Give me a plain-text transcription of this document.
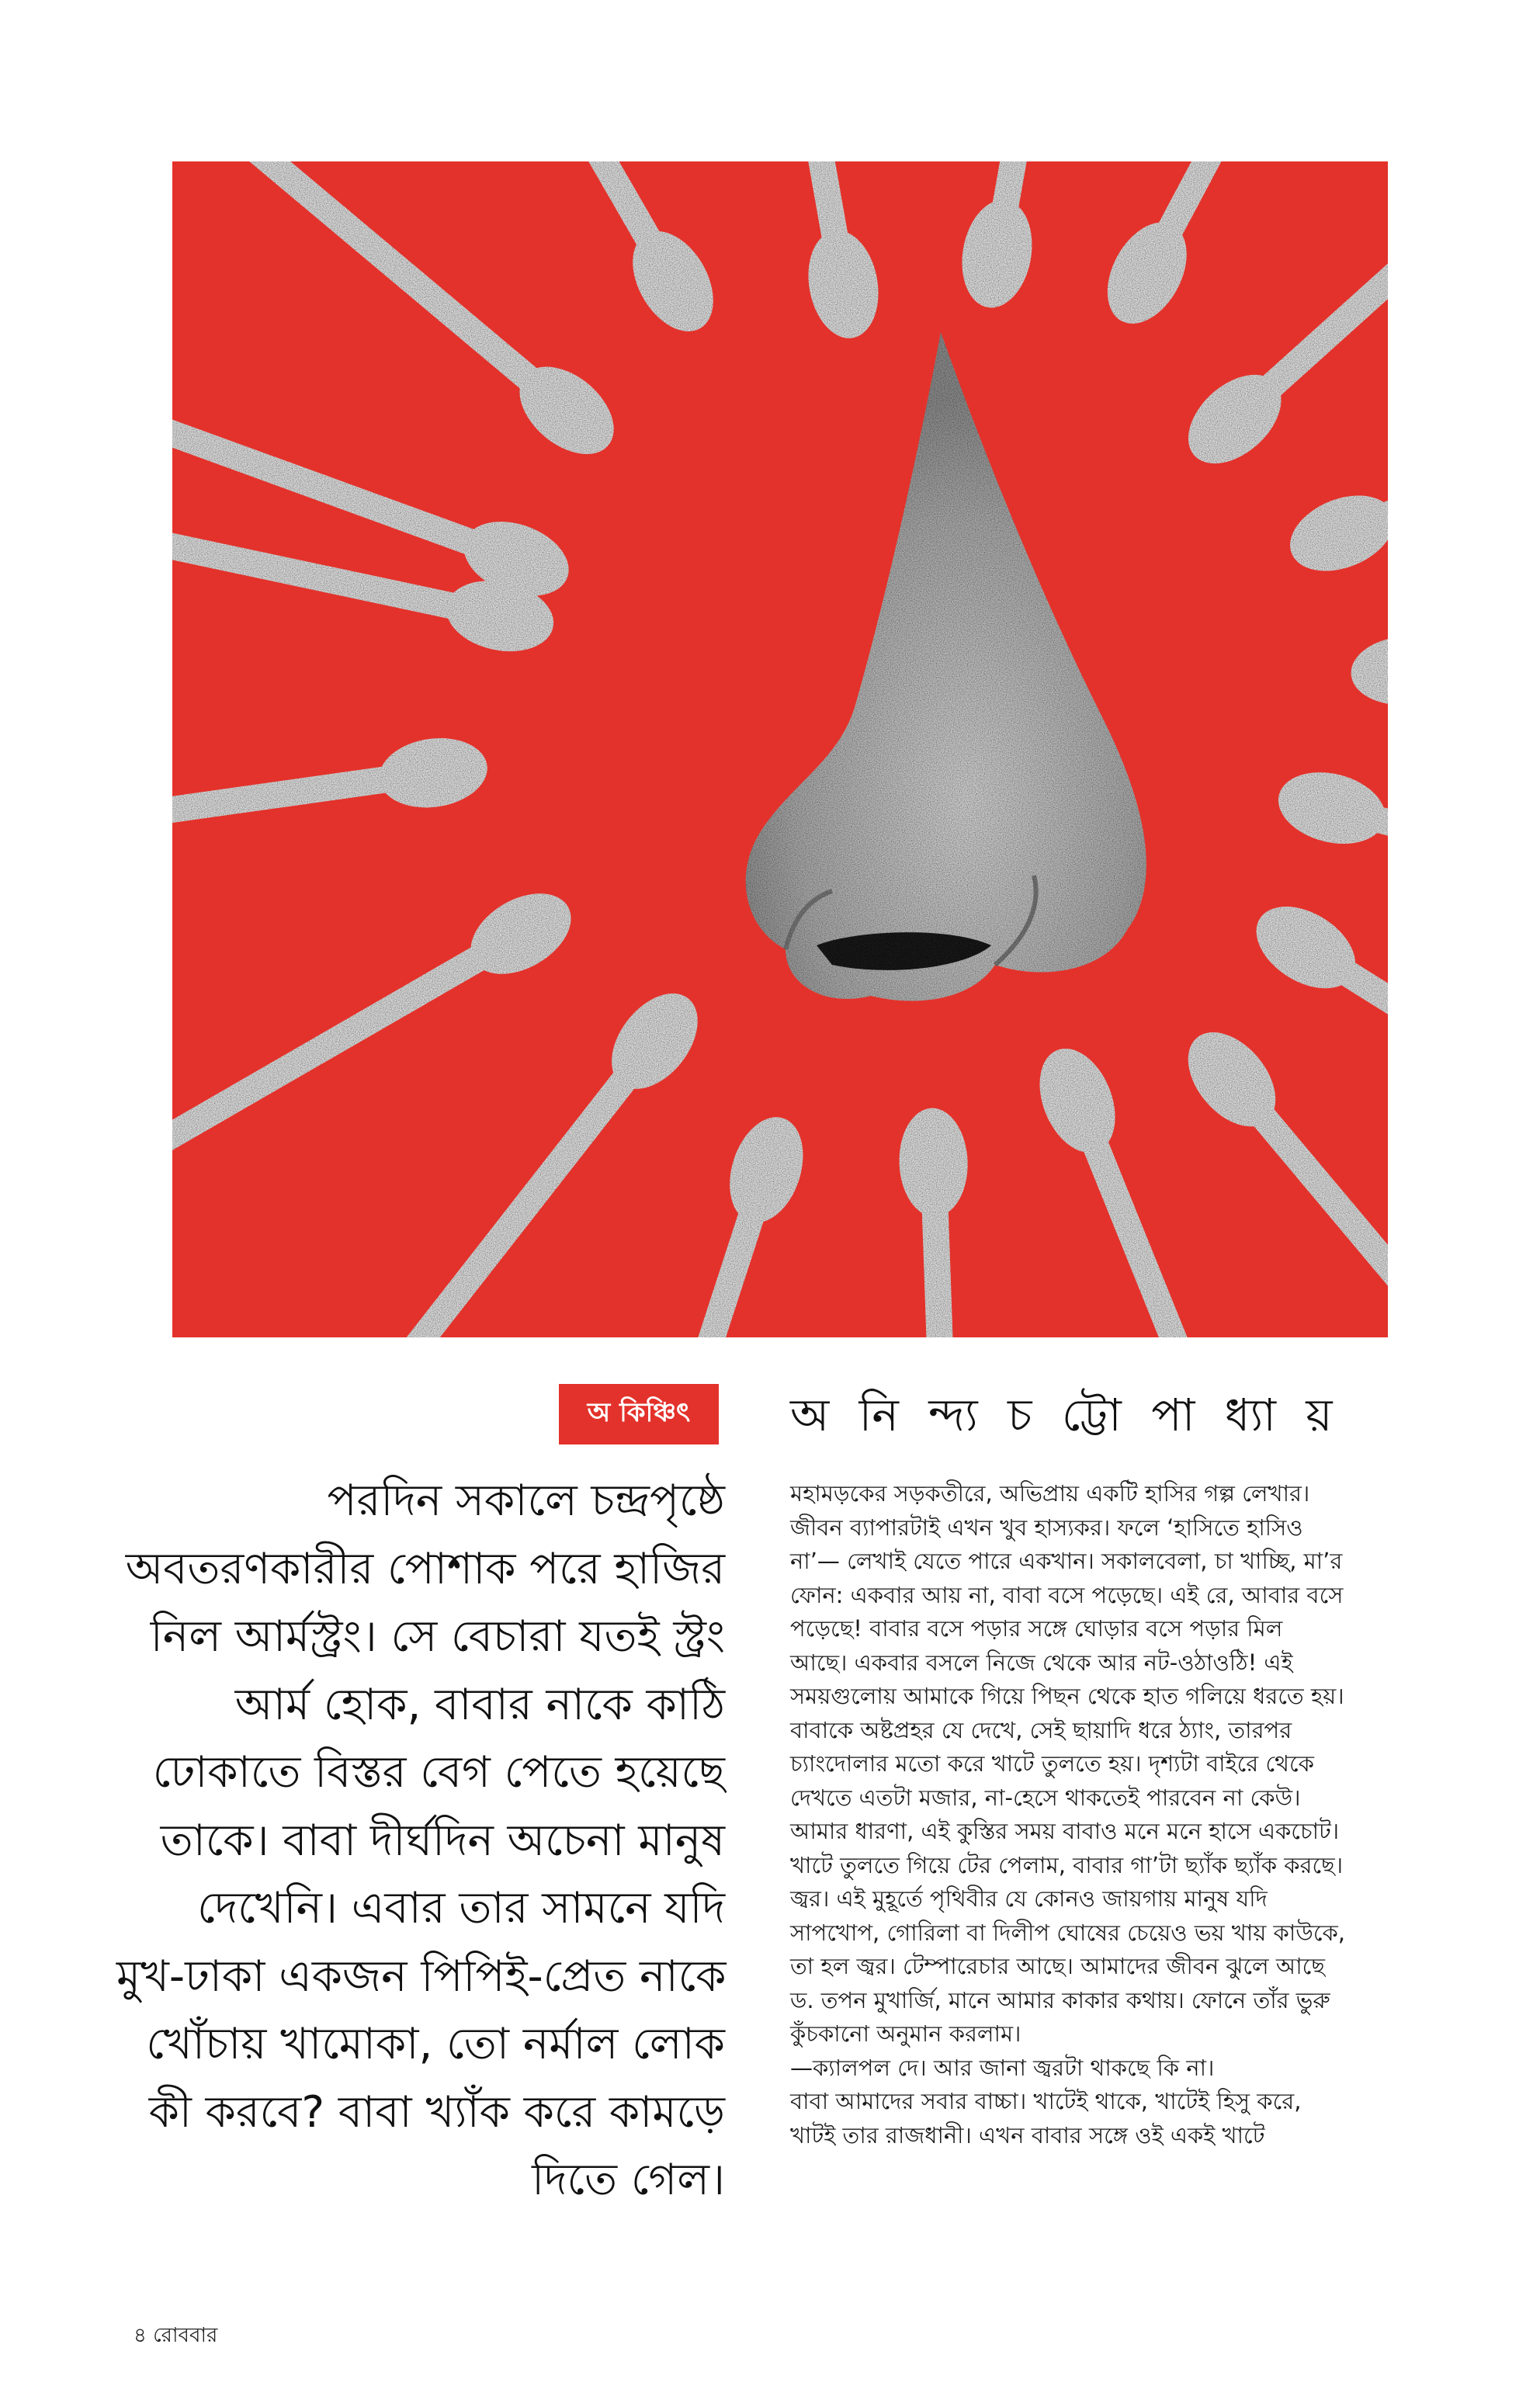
অ কিঞ্চিৎ	অ নি ন্দ্য চ ট্টো পা ধ্যা য়

পরদিন সকালে চন্দ্রপৃষ্ঠে

অবতরণকারীর পোশাক পরে হাজির

নিল আর্মস্ট্রং। সে বেচারা যতই স্ট্রং

আর্ম হোক, বাবার নাকে কাঠি

ঢোকাতে বিস্তর বেগ পেতে হয়েছে

তাকে। বাবা দীর্ঘদিন অচেনা মানুষ

দেখেনি। এবার তার সামনে যদি

মুখ-ঢাকা একজন পিপিই-প্রেত নাকে

খোঁচায় খামোকা, তো নর্মাল লোক

কী করবে? বাবা খ্যাঁক করে কামড়ে

দিতে গেল।

মহামড়কের সড়কতীরে, অভিপ্রায় একটি হাসির গল্প লেখার।

জীবন ব্যাপারটাই এখন খুব হাস্যকর। ফলে ‘হাসিতে হাসিও

না’— লেখাই যেতে পারে একখান। সকালবেলা, চা খাচ্ছি, মা’র

ফোন: একবার আয় না, বাবা বসে পড়েছে। এই রে, আবার বসে

পড়েছে! বাবার বসে পড়ার সঙ্গে ঘোড়ার বসে পড়ার মিল

আছে। একবার বসলে নিজে থেকে আর নট-ওঠাওঠি! এই

সময়গুলোয় আমাকে গিয়ে পিছন থেকে হাত গলিয়ে ধরতে হয়।

বাবাকে অষ্টপ্রহর যে দেখে, সেই ছায়াদি ধরে ঠ্যাং, তারপর

চ্যাংদোলার মতো করে খাটে তুলতে হয়। দৃশ্যটা বাইরে থেকে

দেখতে এতটা মজার, না-হেসে থাকতেই পারবেন না কেউ।

আমার ধারণা, এই কুস্তির সময় বাবাও মনে মনে হাসে একচোট।

খাটে তুলতে গিয়ে টের পেলাম, বাবার গা’টা ছ্যাঁক ছ্যাঁক করছে।

জ্বর। এই মুহূর্তে পৃথিবীর যে কোনও জায়গায় মানুষ যদি

সাপখোপ, গোরিলা বা দিলীপ ঘোষের চেয়েও ভয় খায় কাউকে,

তা হল জ্বর। টেম্পারেচার আছে। আমাদের জীবন ঝুলে আছে

ড. তপন মুখার্জি, মানে আমার কাকার কথায়। ফোনে তাঁর ভুরু

কুঁচকানো অনুমান করলাম।

—ক্যালপল দে। আর জানা জ্বরটা থাকছে কি না।

বাবা আমাদের সবার বাচ্চা। খাটেই থাকে, খাটেই হিসু করে,

খাটই তার রাজধানী। এখন বাবার সঙ্গে ওই একই খাটে

৪ রোববার
